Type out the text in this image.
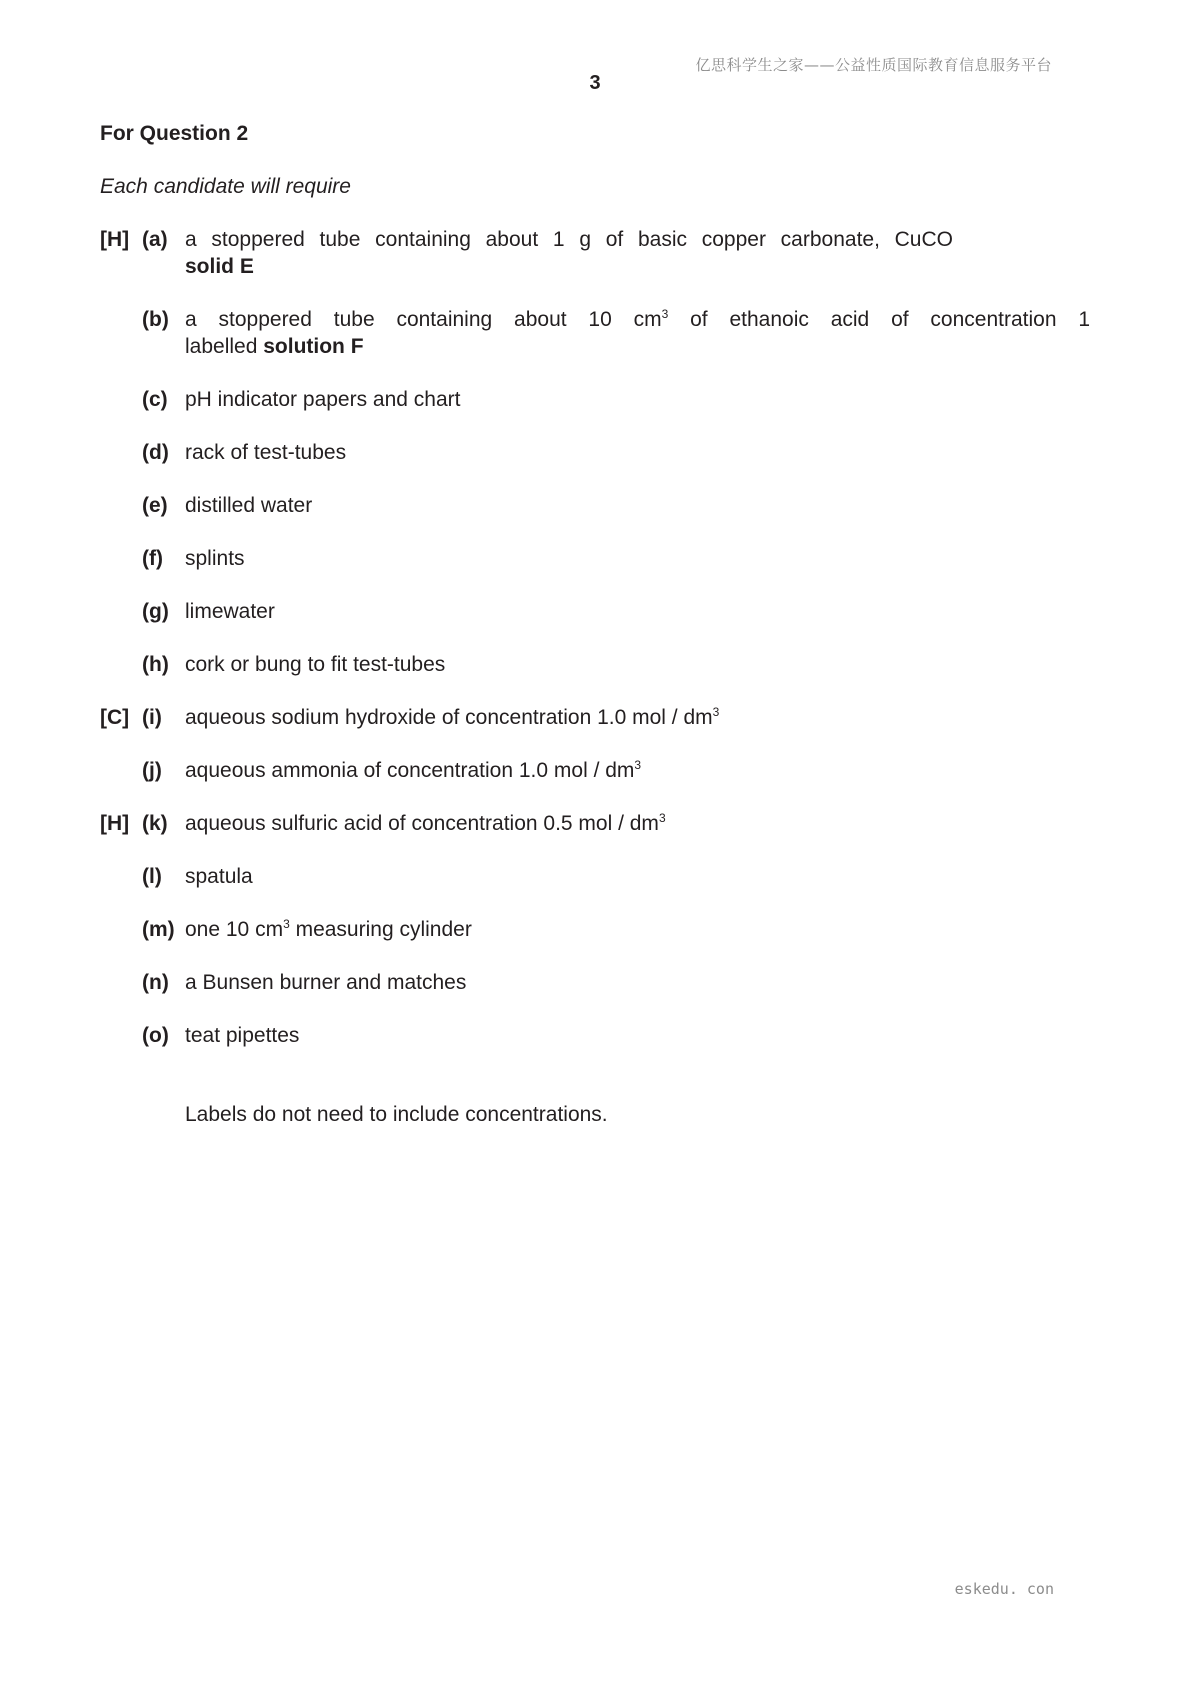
亿思科学生之家——公益性质国际教育信息服务平台
3
For Question 2
Each candidate will require
[H] (a) a stoppered tube containing about 1 g of basic copper carbonate, CuCO
solid E
(b) a stoppered tube containing about 10 $cm^3$ of ethanoic acid of concentration 1
labelled solution F
(c) pH indicator papers and chart
(d) rack of test-tubes
(e) distilled water
(f) splints
(g) limewater
(h) cork or bung to fit test-tubes
[C] (i) aqueous sodium hydroxide of concentration 1.0 mol / $dm^3$
(j) aqueous ammonia of concentration 1.0 mol / $dm^3$
[H] (k) aqueous sulfuric acid of concentration 0.5 mol / $dm^3$
(l) spatula
(m) one 10 $cm^3$ measuring cylinder
(n) a Bunsen burner and matches
(o) teat pipettes
Labels do not need to include concentrations.
eskedu. con
